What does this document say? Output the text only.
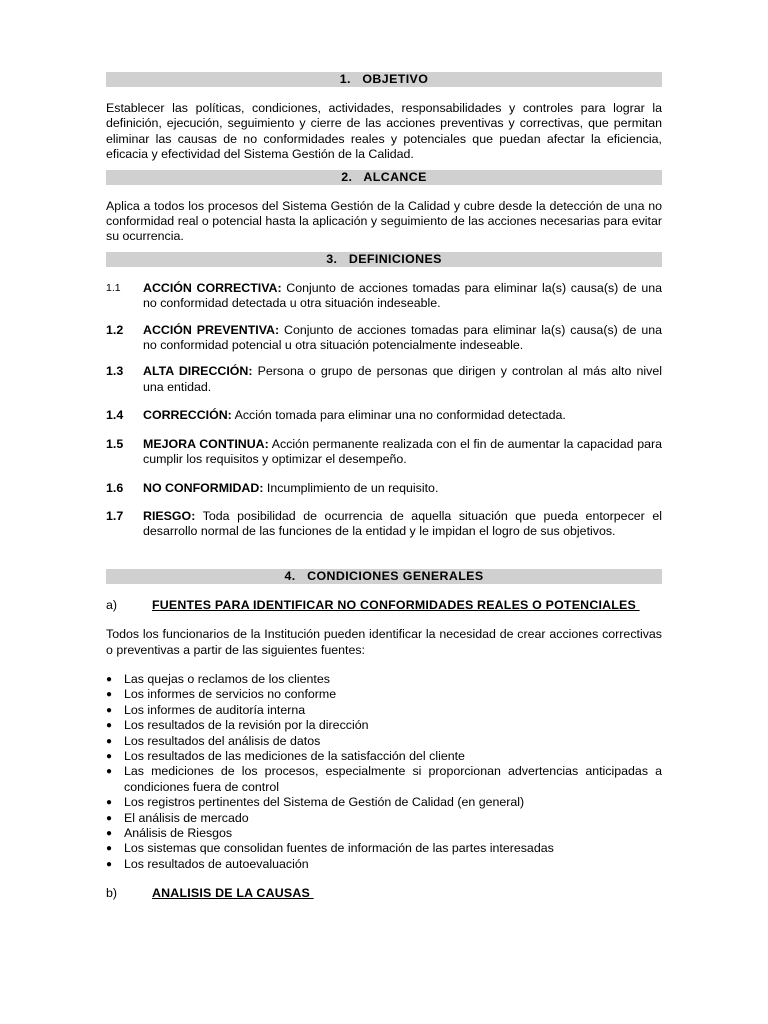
1.   OBJETIVO

Establecer las políticas, condiciones, actividades, responsabilidades y controles para lograr la definición, ejecución, seguimiento y cierre de las acciones preventivas y correctivas, que permitan eliminar las causas de no conformidades reales y potenciales que puedan afectar la eficiencia, eficacia y efectividad del Sistema Gestión de la Calidad.

2.   ALCANCE

Aplica a todos los procesos del Sistema Gestión de la Calidad y cubre desde la detección de una no conformidad real o potencial hasta la aplicación y seguimiento de las acciones necesarias para evitar su ocurrencia.

3.   DEFINICIONES
1.1	ACCIÓN CORRECTIVA: Conjunto de acciones tomadas para eliminar la(s) causa(s) de una no conformidad detectada u otra situación indeseable.
1.2	ACCIÓN PREVENTIVA: Conjunto de acciones tomadas para eliminar la(s) causa(s) de una no conformidad potencial u otra situación potencialmente indeseable.
1.3	ALTA DIRECCIÓN: Persona o grupo de personas que dirigen y controlan al más alto nivel una entidad.
1.4	CORRECCIÓN: Acción tomada para eliminar una no conformidad detectada.
1.5	MEJORA CONTINUA: Acción permanente realizada con el fin de aumentar la capacidad para cumplir los requisitos y optimizar el desempeño.
1.6	NO CONFORMIDAD: Incumplimiento de un requisito.
1.7	RIESGO: Toda posibilidad de ocurrencia de aquella situación que pueda entorpecer el desarrollo normal de las funciones de la entidad y le impidan el logro de sus objetivos.
4.   CONDICIONES GENERALES
a)	FUENTES PARA IDENTIFICAR NO CONFORMIDADES REALES O POTENCIALES

Todos los funcionarios de la Institución pueden identificar la necesidad de crear acciones correctivas o preventivas a partir de las siguientes fuentes:

● Las quejas o reclamos de los clientes
● Los informes de servicios no conforme
● Los informes de auditoría interna
● Los resultados de la revisión por la dirección
● Los resultados del análisis de datos
● Los resultados de las mediciones de la satisfacción del cliente
● Las mediciones de los procesos, especialmente si proporcionan advertencias anticipadas a condiciones fuera de control
● Los registros pertinentes del Sistema de Gestión de Calidad (en general)
● El análisis de mercado
● Análisis de Riesgos
● Los sistemas que consolidan fuentes de información de las partes interesadas
● Los resultados de autoevaluación
b)	ANALISIS DE LA CAUSAS
